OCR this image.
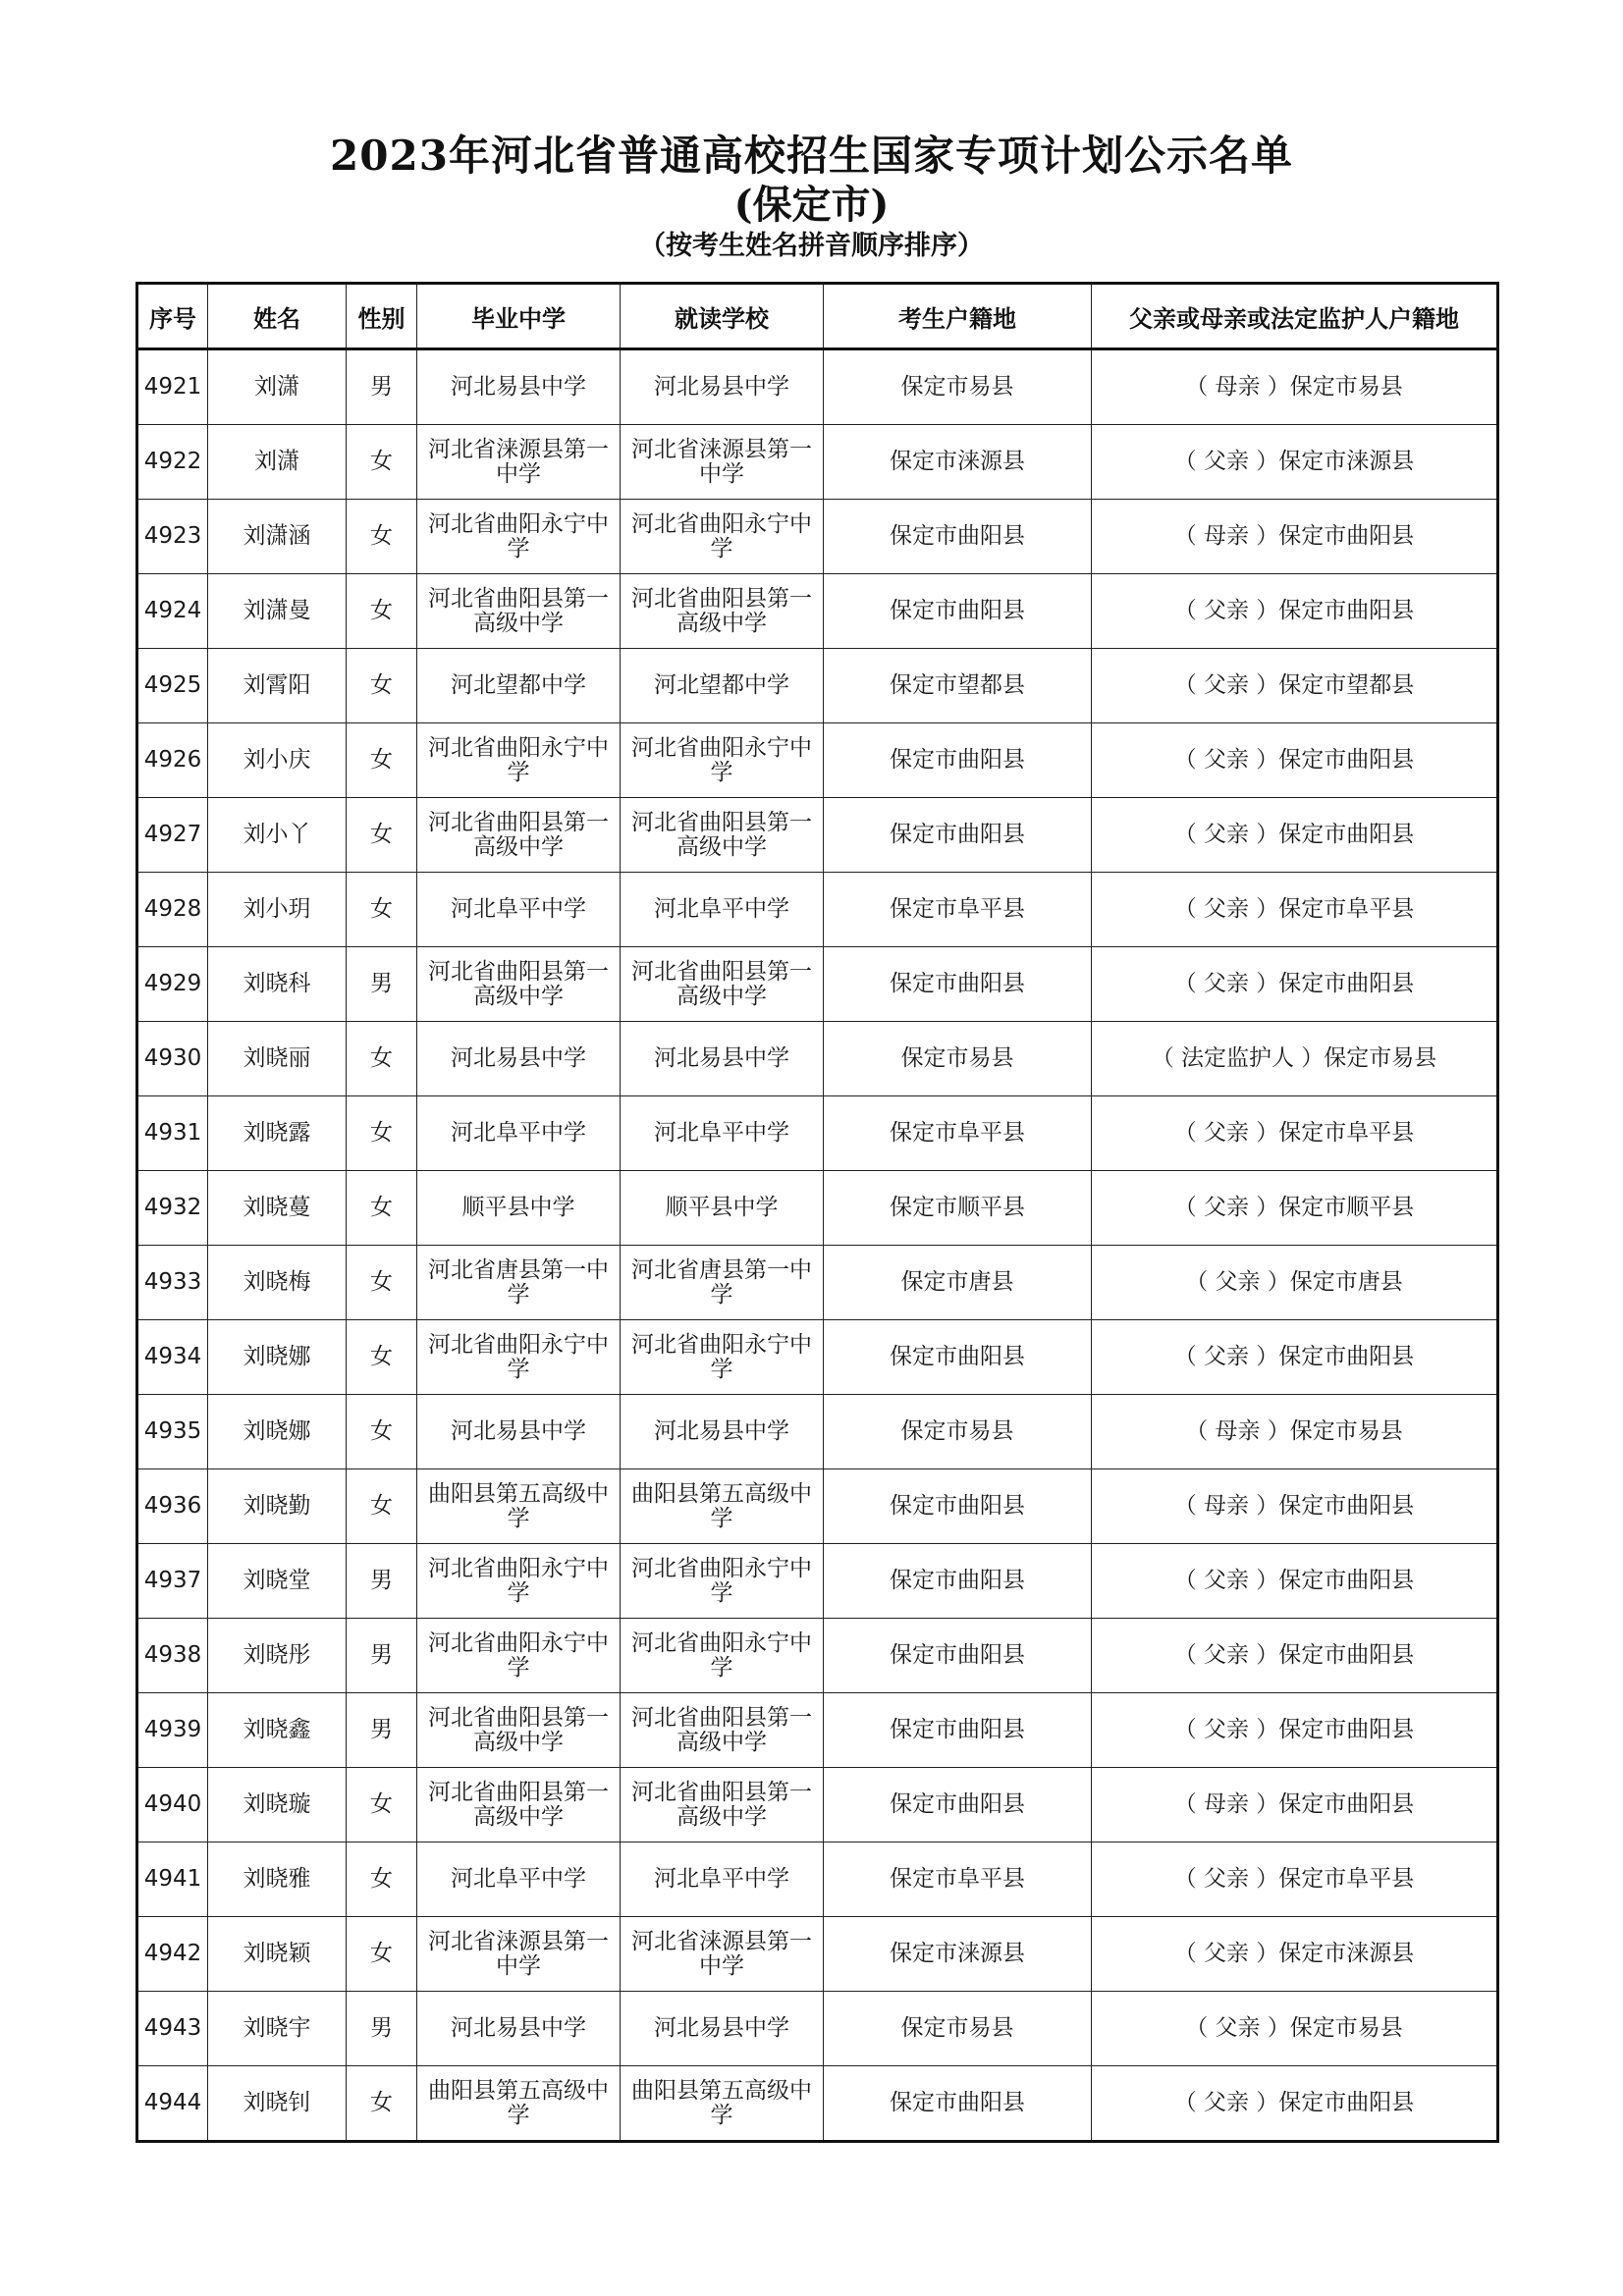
2023年河北省普通高校招生国家专项计划公示名单
(保定市)
（按考生姓名拼音顺序排序）
序号	姓名	性别	毕业中学	就读学校	考生户籍地	父亲或母亲或法定监护人户籍地
4921	刘潇	男	河北易县中学	河北易县中学	保定市易县	（ 母亲 ）保定市易县
4922	刘潇	女	河北省涞源县第一中学	河北省涞源县第一中学	保定市涞源县	（ 父亲 ）保定市涞源县
4923	刘潇涵	女	河北省曲阳永宁中学	河北省曲阳永宁中学	保定市曲阳县	（ 母亲 ）保定市曲阳县
4924	刘潇曼	女	河北省曲阳县第一高级中学	河北省曲阳县第一高级中学	保定市曲阳县	（ 父亲 ）保定市曲阳县
4925	刘霄阳	女	河北望都中学	河北望都中学	保定市望都县	（ 父亲 ）保定市望都县
4926	刘小庆	女	河北省曲阳永宁中学	河北省曲阳永宁中学	保定市曲阳县	（ 父亲 ）保定市曲阳县
4927	刘小丫	女	河北省曲阳县第一高级中学	河北省曲阳县第一高级中学	保定市曲阳县	（ 父亲 ）保定市曲阳县
4928	刘小玥	女	河北阜平中学	河北阜平中学	保定市阜平县	（ 父亲 ）保定市阜平县
4929	刘晓科	男	河北省曲阳县第一高级中学	河北省曲阳县第一高级中学	保定市曲阳县	（ 父亲 ）保定市曲阳县
4930	刘晓丽	女	河北易县中学	河北易县中学	保定市易县	（ 法定监护人 ）保定市易县
4931	刘晓露	女	河北阜平中学	河北阜平中学	保定市阜平县	（ 父亲 ）保定市阜平县
4932	刘晓蔓	女	顺平县中学	顺平县中学	保定市顺平县	（ 父亲 ）保定市顺平县
4933	刘晓梅	女	河北省唐县第一中学	河北省唐县第一中学	保定市唐县	（ 父亲 ）保定市唐县
4934	刘晓娜	女	河北省曲阳永宁中学	河北省曲阳永宁中学	保定市曲阳县	（ 父亲 ）保定市曲阳县
4935	刘晓娜	女	河北易县中学	河北易县中学	保定市易县	（ 母亲 ）保定市易县
4936	刘晓勤	女	曲阳县第五高级中学	曲阳县第五高级中学	保定市曲阳县	（ 母亲 ）保定市曲阳县
4937	刘晓堂	男	河北省曲阳永宁中学	河北省曲阳永宁中学	保定市曲阳县	（ 父亲 ）保定市曲阳县
4938	刘晓彤	男	河北省曲阳永宁中学	河北省曲阳永宁中学	保定市曲阳县	（ 父亲 ）保定市曲阳县
4939	刘晓鑫	男	河北省曲阳县第一高级中学	河北省曲阳县第一高级中学	保定市曲阳县	（ 父亲 ）保定市曲阳县
4940	刘晓璇	女	河北省曲阳县第一高级中学	河北省曲阳县第一高级中学	保定市曲阳县	（ 母亲 ）保定市曲阳县
4941	刘晓雅	女	河北阜平中学	河北阜平中学	保定市阜平县	（ 父亲 ）保定市阜平县
4942	刘晓颖	女	河北省涞源县第一中学	河北省涞源县第一中学	保定市涞源县	（ 父亲 ）保定市涞源县
4943	刘晓宇	男	河北易县中学	河北易县中学	保定市易县	（ 父亲 ）保定市易县
4944	刘晓钊	女	曲阳县第五高级中学	曲阳县第五高级中学	保定市曲阳县	（ 父亲 ）保定市曲阳县
